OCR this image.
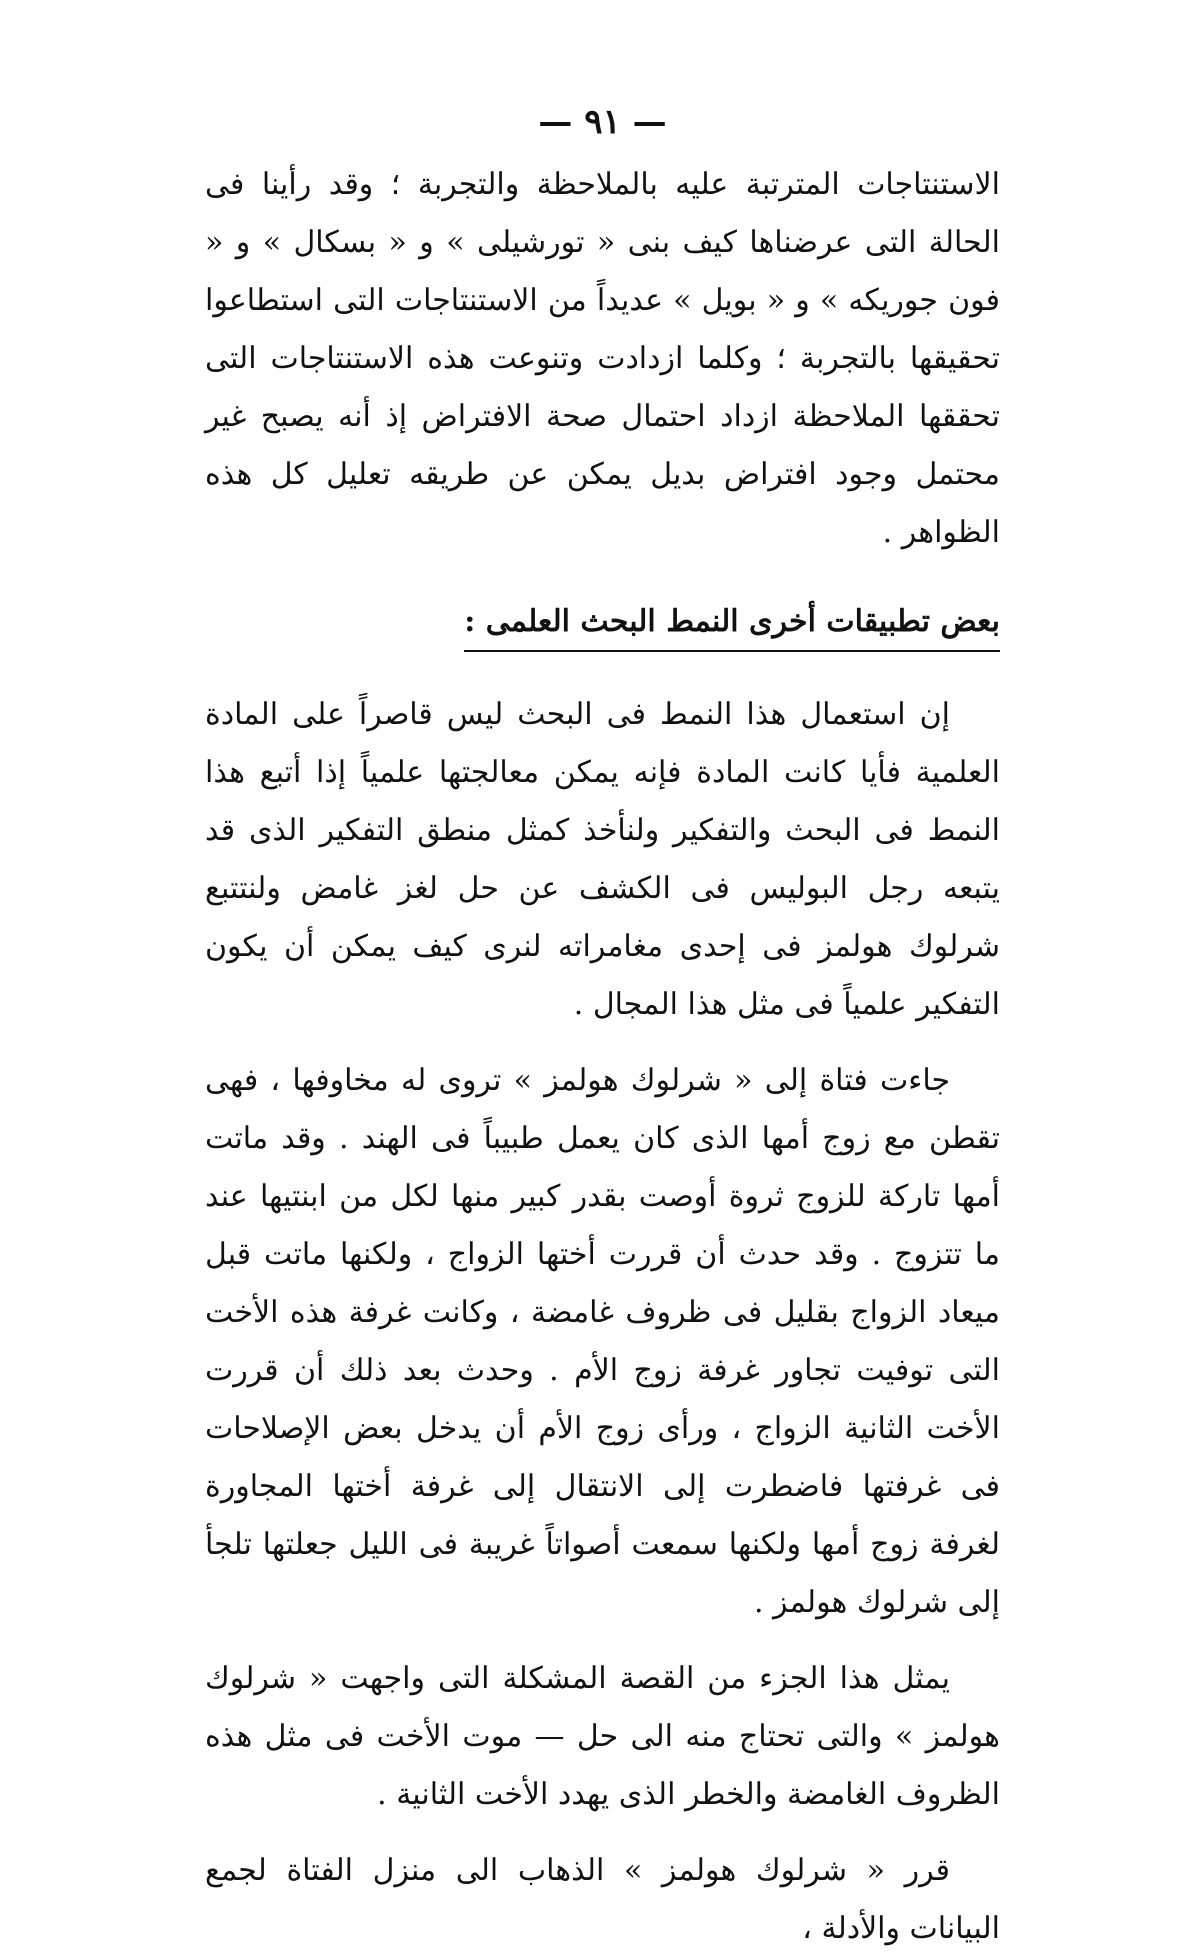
— ٩١ —

الاستنتاجات المترتبة عليه بالملاحظة والتجربة ؛ وقد رأينا فى الحالة التى عرضناها كيف بنى « تورشيلى » و « بسكال » و « فون جوريكه » و « بويل » عديداً من الاستنتاجات التى استطاعوا تحقيقها بالتجربة ؛ وكلما ازدادت وتنوعت هذه الاستنتاجات التى تحققها الملاحظة ازداد احتمال صحة الافتراض إذ أنه يصبح غير محتمل وجود افتراض بديل يمكن عن طريقه تعليل كل هذه الظواهر .

بعض تطبيقات أخرى النمط البحث العلمى :

إن استعمال هذا النمط فى البحث ليس قاصراً على المادة العلمية فأيا كانت المادة فإنه يمكن معالجتها علمياً إذا أتبع هذا النمط فى البحث والتفكير ولنأخذ كمثل منطق التفكير الذى قد يتبعه رجل البوليس فى الكشف عن حل لغز غامض ولنتتبع شرلوك هولمز فى إحدى مغامراته لنرى كيف يمكن أن يكون التفكير علمياً فى مثل هذا المجال .

جاءت فتاة إلى « شرلوك هولمز » تروى له مخاوفها ، فهى تقطن مع زوج أمها الذى كان يعمل طبيباً فى الهند . وقد ماتت أمها تاركة للزوج ثروة أوصت بقدر كبير منها لكل من ابنتيها عند ما تتزوج . وقد حدث أن قررت أختها الزواج ، ولكنها ماتت قبل ميعاد الزواج بقليل فى ظروف غامضة ، وكانت غرفة هذه الأخت التى توفيت تجاور غرفة زوج الأم . وحدث بعد ذلك أن قررت الأخت الثانية الزواج ، ورأى زوج الأم أن يدخل بعض الإصلاحات فى غرفتها فاضطرت إلى الانتقال إلى غرفة أختها المجاورة لغرفة زوج أمها ولكنها سمعت أصواتاً غريبة فى الليل جعلتها تلجأ إلى شرلوك هولمز .

يمثل هذا الجزء من القصة المشكلة التى واجهت « شرلوك هولمز » والتى تحتاج منه الى حل — موت الأخت فى مثل هذه الظروف الغامضة والخطر الذى يهدد الأخت الثانية .

قرر « شرلوك هولمز » الذهاب الى منزل الفتاة لجمع البيانات والأدلة ،
